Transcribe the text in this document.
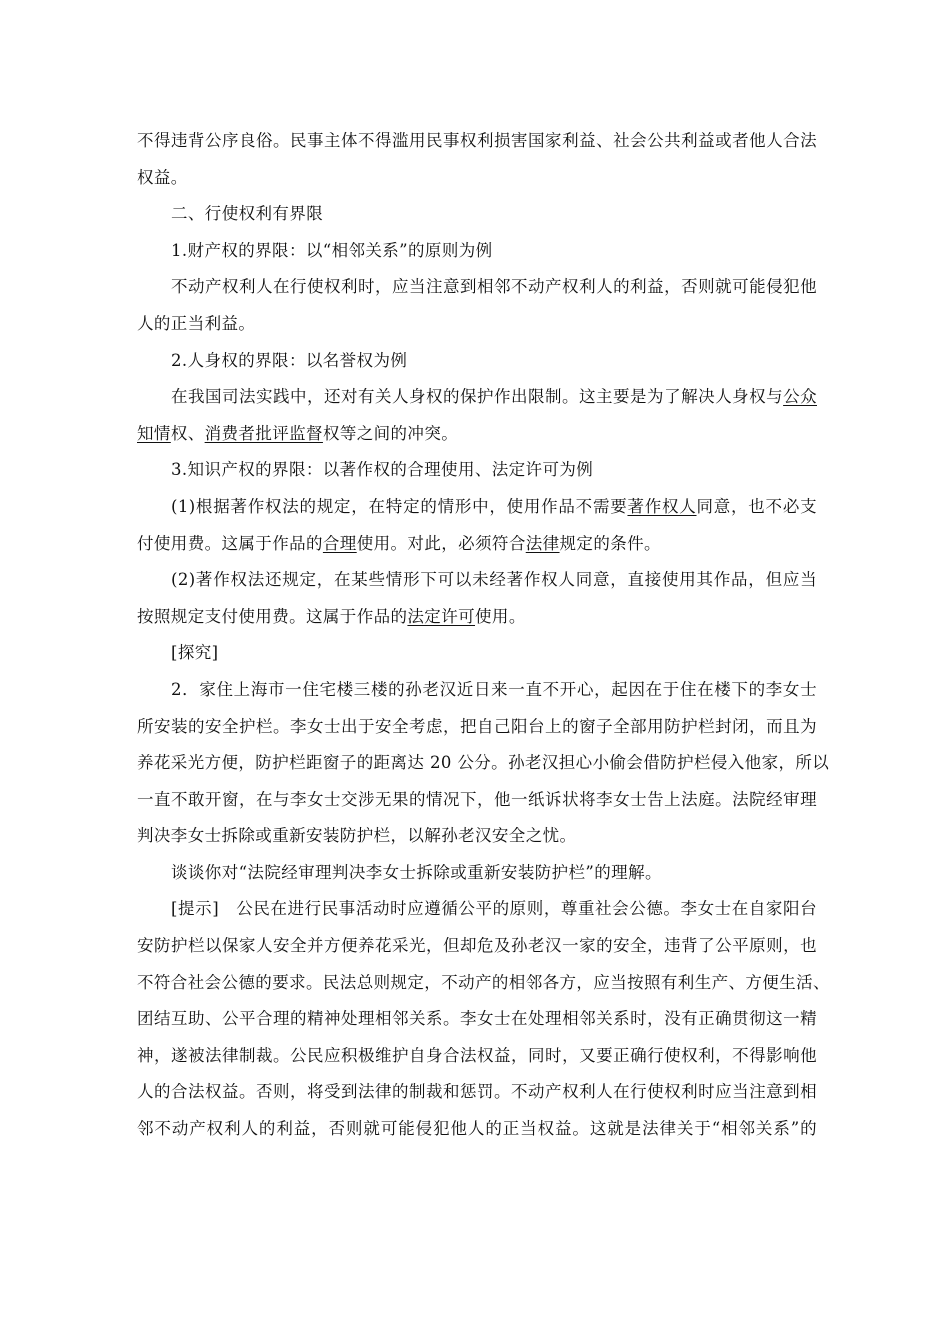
不得违背公序良俗。民事主体不得滥用民事权利损害国家利益、社会公共利益或者他人合法
权益。
二、行使权利有界限
1.财产权的界限：以“相邻关系”的原则为例
不动产权利人在行使权利时，应当注意到相邻不动产权利人的利益，否则就可能侵犯他
人的正当利益。
2.人身权的界限：以名誉权为例
在我国司法实践中，还对有关人身权的保护作出限制。这主要是为了解决人身权与公众
知情权、消费者批评监督权等之间的冲突。
3.知识产权的界限：以著作权的合理使用、法定许可为例
(1)根据著作权法的规定，在特定的情形中，使用作品不需要著作权人同意，也不必支
付使用费。这属于作品的合理使用。对此，必须符合法律规定的条件。
(2)著作权法还规定，在某些情形下可以未经著作权人同意，直接使用其作品，但应当
按照规定支付使用费。这属于作品的法定许可使用。
[探究]
2．家住上海市一住宅楼三楼的孙老汉近日来一直不开心，起因在于住在楼下的李女士
所安装的安全护栏。李女士出于安全考虑，把自己阳台上的窗子全部用防护栏封闭，而且为
养花采光方便，防护栏距窗子的距离达 20 公分。孙老汉担心小偷会借防护栏侵入他家，所以
一直不敢开窗，在与李女士交涉无果的情况下，他一纸诉状将李女士告上法庭。法院经审理
判决李女士拆除或重新安装防护栏，以解孙老汉安全之忧。
谈谈你对“法院经审理判决李女士拆除或重新安装防护栏”的理解。
[提示]　公民在进行民事活动时应遵循公平的原则，尊重社会公德。李女士在自家阳台
安防护栏以保家人安全并方便养花采光，但却危及孙老汉一家的安全，违背了公平原则，也
不符合社会公德的要求。民法总则规定，不动产的相邻各方，应当按照有利生产、方便生活、
团结互助、公平合理的精神处理相邻关系。李女士在处理相邻关系时，没有正确贯彻这一精
神，遂被法律制裁。公民应积极维护自身合法权益，同时，又要正确行使权利，不得影响他
人的合法权益。否则，将受到法律的制裁和惩罚。不动产权利人在行使权利时应当注意到相
邻不动产权利人的利益，否则就可能侵犯他人的正当权益。这就是法律关于“相邻关系”的
